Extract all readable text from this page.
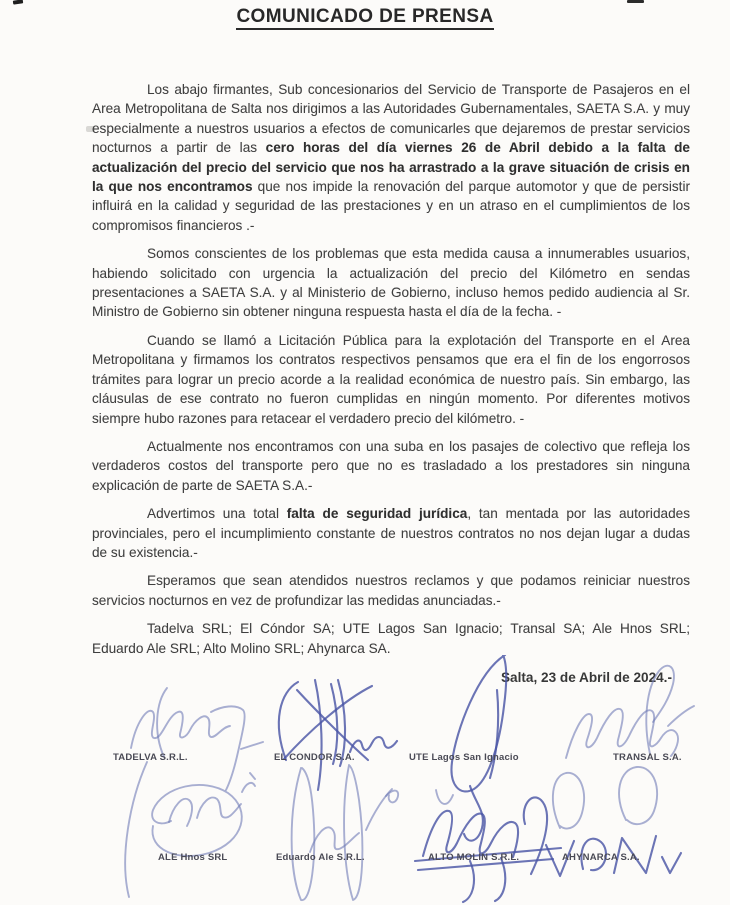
COMUNICADO DE PRENSA

Los abajo firmantes, Sub concesionarios del Servicio de Transporte de Pasajeros en el Area Metropolitana de Salta nos dirigimos a las Autoridades Gubernamentales, SAETA S.A. y muy especialmente a nuestros usuarios a efectos de comunicarles que dejaremos de prestar servicios nocturnos a partir de las cero horas del día viernes 26 de Abril debido a la falta de actualización del precio del servicio que nos ha arrastrado a la grave situación de crisis en la que nos encontramos que nos impide la renovación del parque automotor y que de persistir influirá en la calidad y seguridad de las prestaciones y en un atraso en el cumplimientos de los compromisos financieros .-

Somos conscientes de los problemas que esta medida causa a innumerables usuarios, habiendo solicitado con urgencia la actualización del precio del Kilómetro en sendas presentaciones a SAETA S.A. y al Ministerio de Gobierno, incluso hemos pedido audiencia al Sr. Ministro de Gobierno sin obtener ninguna respuesta hasta el día de la fecha. -

Cuando se llamó a Licitación Pública para la explotación del Transporte en el Area Metropolitana y firmamos los contratos respectivos pensamos que era el fin de los engorrosos trámites para lograr un precio acorde a la realidad económica de nuestro país. Sin embargo, las cláusulas de ese contrato no fueron cumplidas en ningún momento. Por diferentes motivos siempre hubo razones para retacear el verdadero precio del kilómetro. -

Actualmente nos encontramos con una suba en los pasajes de colectivo que refleja los verdaderos costos del transporte pero que no es trasladado a los prestadores sin ninguna explicación de parte de SAETA S.A.-

Advertimos una total falta de seguridad jurídica, tan mentada por las autoridades provinciales, pero el incumplimiento constante de nuestros contratos no nos dejan lugar a dudas de su existencia.-

Esperamos que sean atendidos nuestros reclamos y que podamos reiniciar nuestros servicios nocturnos en vez de profundizar las medidas anunciadas.-

Tadelva SRL; El Cóndor SA; UTE Lagos San Ignacio; Transal SA; Ale Hnos SRL; Eduardo Ale SRL; Alto Molino SRL; Ahynarca SA.

Salta, 23 de Abril de 2024.-
TADELVA S.R.L.	EL CONDOR S.A.	UTE Lagos San Ignacio	TRANSAL S.A.
ALE Hnos SRL	Eduardo Ale S.R.L.	ALTO MOLIN S.R.L.	AHYNARCA S.A.
